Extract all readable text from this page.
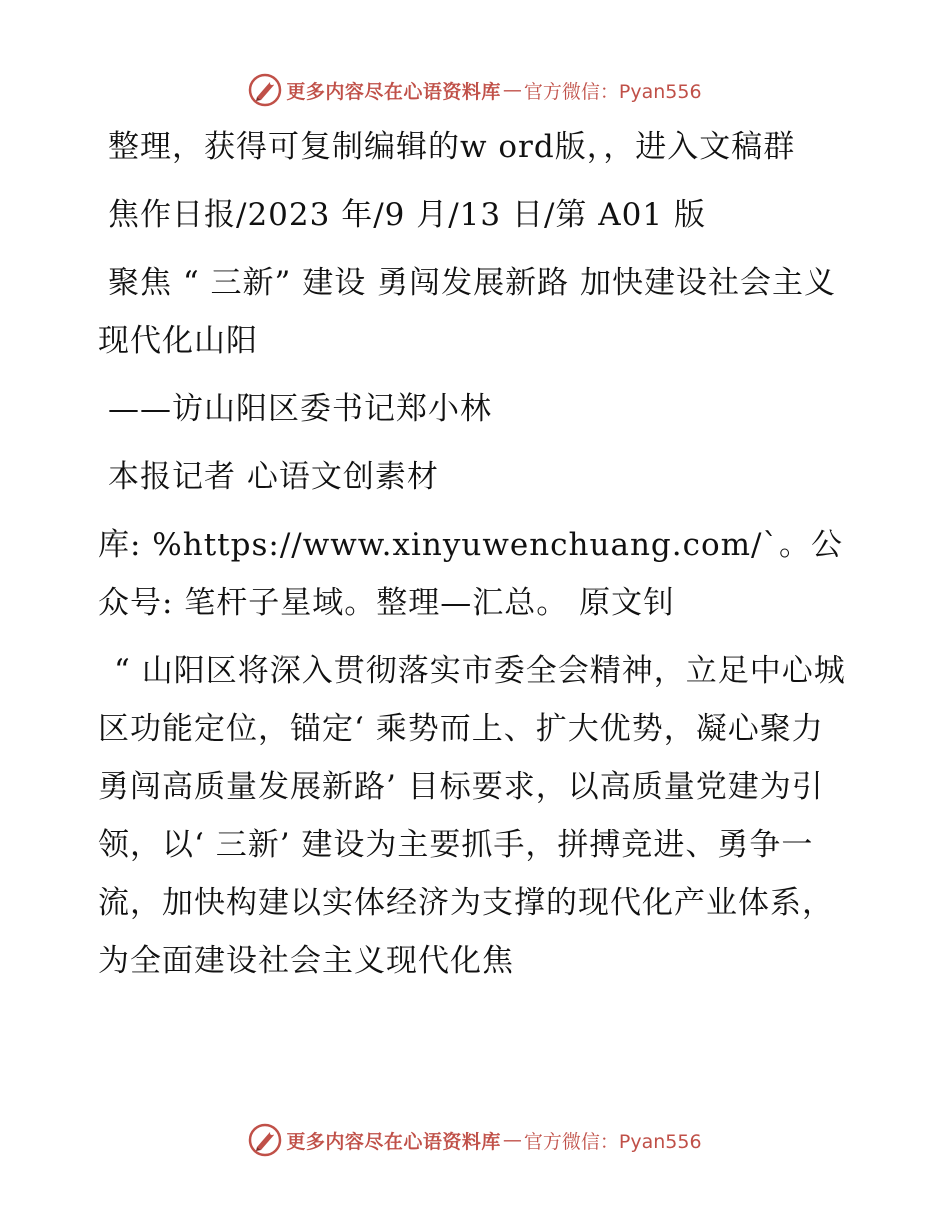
更多内容尽在心语资料库 — 官方微信：Pyan556

整理，获得可复制编辑的w ord版，，进入文稿群

焦作日报/2023 年/9 月/13 日/第 A01 版

聚焦 “ 三新” 建设 勇闯发展新路 加快建设社会主义现代化山阳

——访山阳区委书记郑小林

本报记者 心语文创素材

库: %https://www.xinyuwenchuang.com/`。公众号: 笔杆子星域。整理—汇总。 原文钊

“ 山阳区将深入贯彻落实市委全会精神，立足中心城区功能定位，锚定‘ 乘势而上、扩大优势，凝心聚力勇闯高质量发展新路’ 目标要求，以高质量党建为引领，以‘ 三新’ 建设为主要抓手，拼搏竞进、勇争一流，加快构建以实体经济为支撑的现代化产业体系，为全面建设社会主义现代化焦

更多内容尽在心语资料库 — 官方微信：Pyan556
